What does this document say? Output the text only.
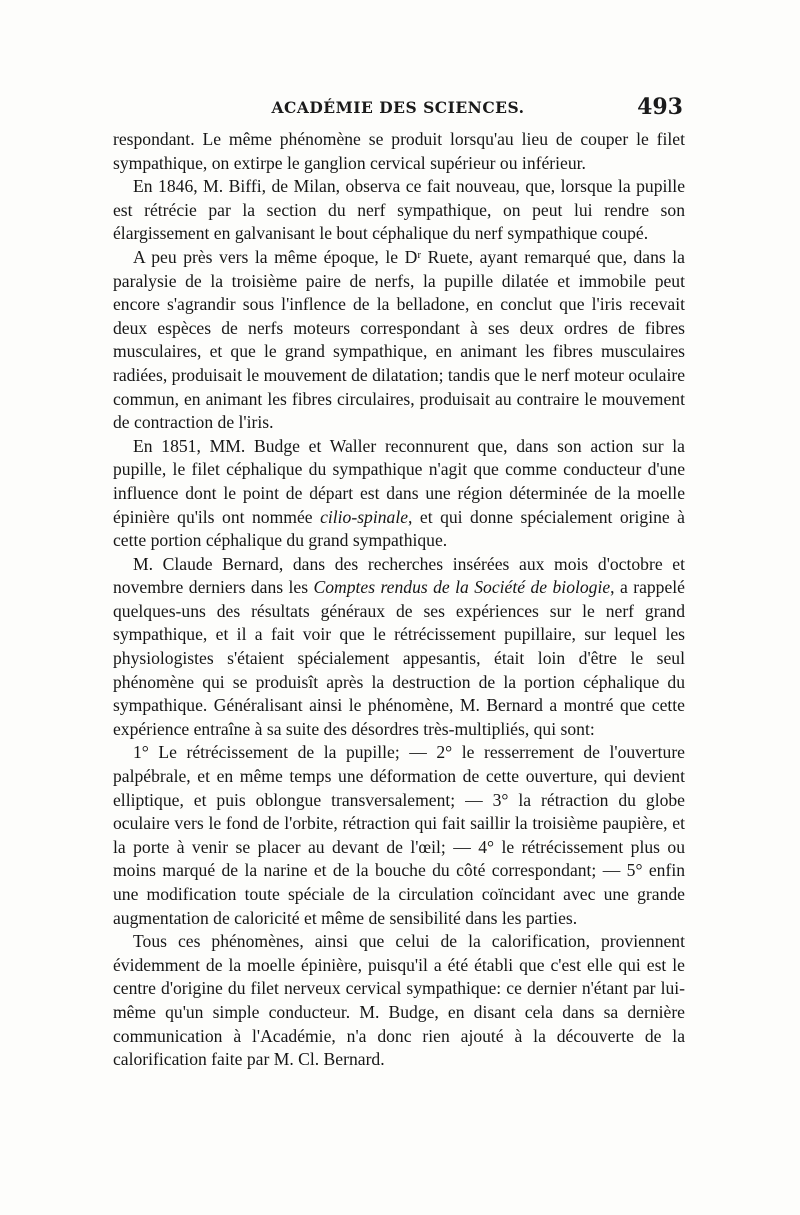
ACADÉMIE DES SCIENCES.	493

respondant. Le même phénomène se produit lorsqu'au lieu de couper le filet sympathique, on extirpe le ganglion cervical supérieur ou inférieur.

En 1846, M. Biffi, de Milan, observa ce fait nouveau, que, lorsque la pupille est rétrécie par la section du nerf sympathique, on peut lui rendre son élargissement en galvanisant le bout céphalique du nerf sympathique coupé.

A peu près vers la même époque, le Dʳ Ruete, ayant remarqué que, dans la paralysie de la troisième paire de nerfs, la pupille dilatée et immobile peut encore s'agrandir sous l'inflence de la belladone, en conclut que l'iris recevait deux espèces de nerfs moteurs correspondant à ses deux ordres de fibres musculaires, et que le grand sympathique, en animant les fibres musculaires radiées, produisait le mouvement de dilatation; tandis que le nerf moteur oculaire commun, en animant les fibres circulaires, produisait au contraire le mouvement de contraction de l'iris.

En 1851, MM. Budge et Waller reconnurent que, dans son action sur la pupille, le filet céphalique du sympathique n'agit que comme conducteur d'une influence dont le point de départ est dans une région déterminée de la moelle épinière qu'ils ont nommée cilio-spinale, et qui donne spécialement origine à cette portion céphalique du grand sympathique.

M. Claude Bernard, dans des recherches insérées aux mois d'octobre et novembre derniers dans les Comptes rendus de la Société de biologie, a rappelé quelques-uns des résultats généraux de ses expériences sur le nerf grand sympathique, et il a fait voir que le rétrécissement pupillaire, sur lequel les physiologistes s'étaient spécialement appesantis, était loin d'être le seul phénomène qui se produisît après la destruction de la portion céphalique du sympathique. Généralisant ainsi le phénomène, M. Bernard a montré que cette expérience entraîne à sa suite des désordres très-multipliés, qui sont:

1° Le rétrécissement de la pupille; — 2° le resserrement de l'ouverture palpébrale, et en même temps une déformation de cette ouverture, qui devient elliptique, et puis oblongue transversalement; — 3° la rétraction du globe oculaire vers le fond de l'orbite, rétraction qui fait saillir la troisième paupière, et la porte à venir se placer au devant de l'œil; — 4° le rétrécissement plus ou moins marqué de la narine et de la bouche du côté correspondant; — 5° enfin une modification toute spéciale de la circulation coïncidant avec une grande augmentation de caloricité et même de sensibilité dans les parties.

Tous ces phénomènes, ainsi que celui de la calorification, proviennent évidemment de la moelle épinière, puisqu'il a été établi que c'est elle qui est le centre d'origine du filet nerveux cervical sympathique: ce dernier n'étant par lui-même qu'un simple conducteur. M. Budge, en disant cela dans sa dernière communication à l'Académie, n'a donc rien ajouté à la découverte de la calorification faite par M. Cl. Bernard.
